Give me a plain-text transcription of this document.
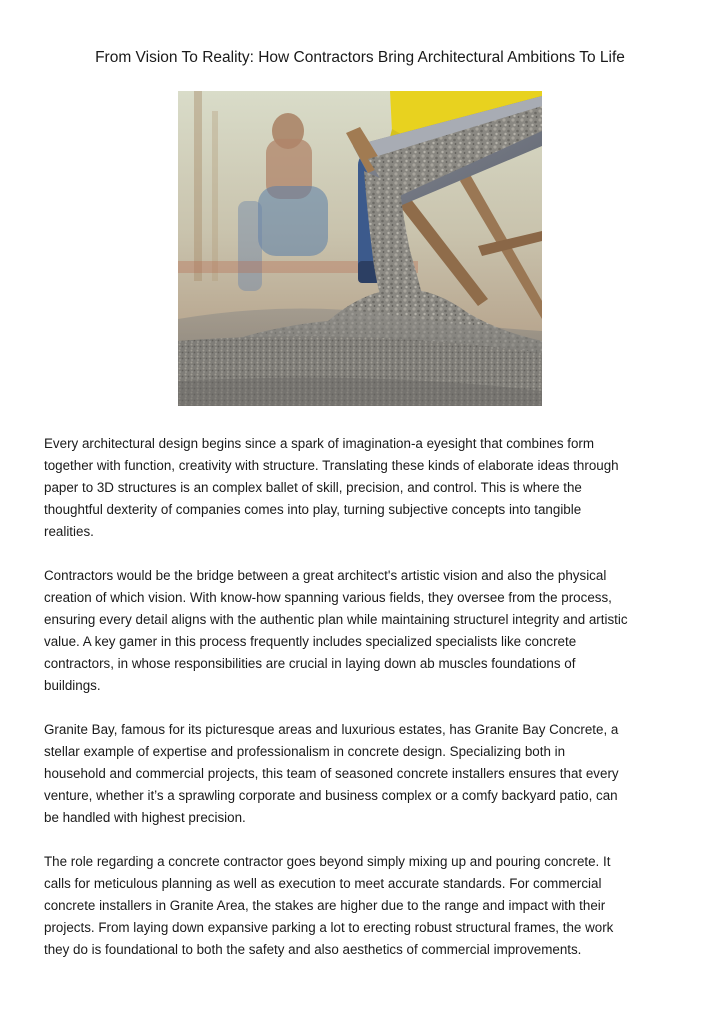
From Vision To Reality: How Contractors Bring Architectural Ambitions To Life

Every architectural design begins since a spark of imagination-a eyesight that combines form
together with function, creativity with structure. Translating these kinds of elaborate ideas through
paper to 3D structures is an complex ballet of skill, precision, and control. This is where the
thoughtful dexterity of companies comes into play, turning subjective concepts into tangible
realities.

Contractors would be the bridge between a great architect's artistic vision and also the physical
creation of which vision. With know-how spanning various fields, they oversee from the process,
ensuring every detail aligns with the authentic plan while maintaining structurel integrity and artistic
value. A key gamer in this process frequently includes specialized specialists like concrete
contractors, in whose responsibilities are crucial in laying down ab muscles foundations of
buildings.

Granite Bay, famous for its picturesque areas and luxurious estates, has Granite Bay Concrete, a
stellar example of expertise and professionalism in concrete design. Specializing both in
household and commercial projects, this team of seasoned concrete installers ensures that every
venture, whether it’s a sprawling corporate and business complex or a comfy backyard patio, can
be handled with highest precision.

The role regarding a concrete contractor goes beyond simply mixing up and pouring concrete. It
calls for meticulous planning as well as execution to meet accurate standards. For commercial
concrete installers in Granite Area, the stakes are higher due to the range and impact with their
projects. From laying down expansive parking a lot to erecting robust structural frames, the work
they do is foundational to both the safety and also aesthetics of commercial improvements.
